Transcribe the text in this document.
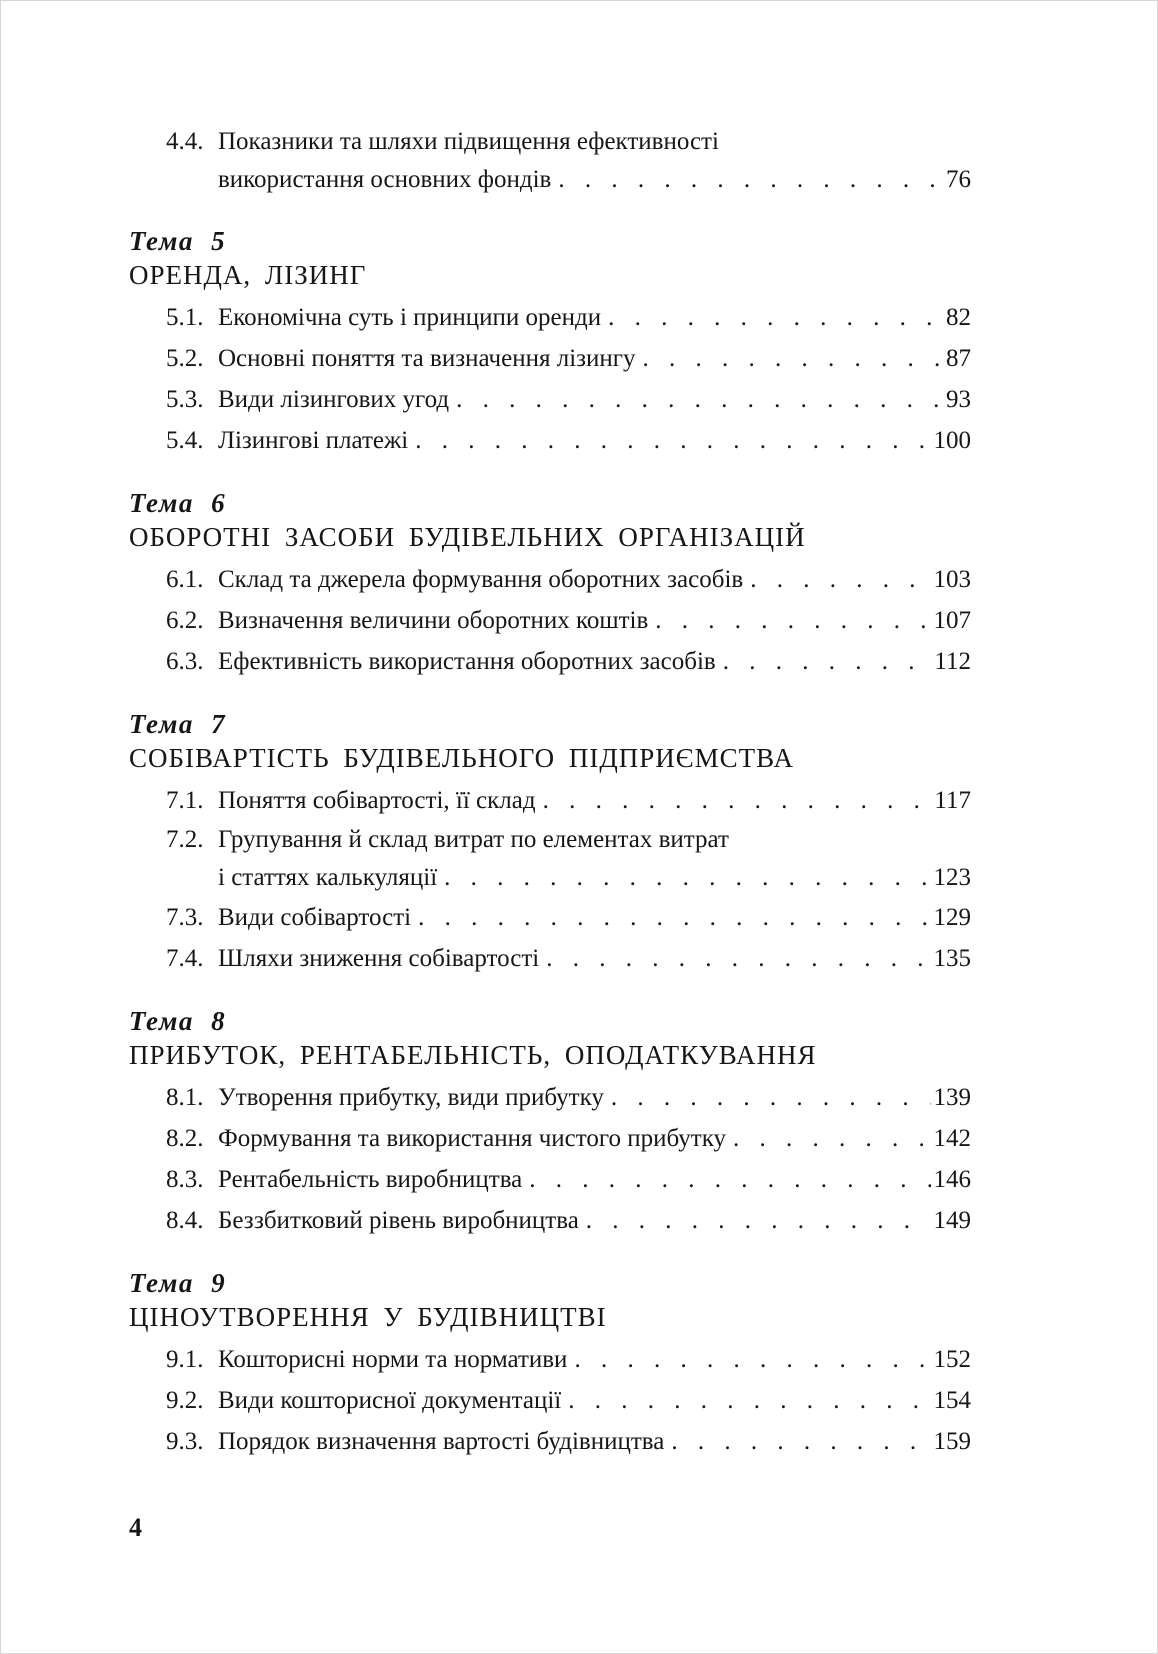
4.4. Показники та шляхи підвищення ефективності
використання основних фондів . . .	76
Тема 5
ОРЕНДА, ЛІЗИНГ
5.1. Економічна суть і принципи оренди . . .	82
5.2. Основні поняття та визначення лізингу . . .	87
5.3. Види лізингових угод . . .	93
5.4. Лізингові платежі . . .	100
Тема 6
ОБОРОТНІ ЗАСОБИ БУДІВЕЛЬНИХ ОРГАНІЗАЦІЙ
6.1. Склад та джерела формування оборотних засобів . . .	103
6.2. Визначення величини оборотних коштів . . .	107
6.3. Ефективність використання оборотних засобів . . .	112
Тема 7
СОБІВАРТІСТЬ БУДІВЕЛЬНОГО ПІДПРИЄМСТВА
7.1. Поняття собівартості, її склад . . .	117
7.2. Групування й склад витрат по елементах витрат
і статтях калькуляції . . .	123
7.3. Види собівартості . . .	129
7.4. Шляхи зниження собівартості . . .	135
Тема 8
ПРИБУТОК, РЕНТАБЕЛЬНІСТЬ, ОПОДАТКУВАННЯ
8.1. Утворення прибутку, види прибутку . . .	139
8.2. Формування та використання чистого прибутку . . .	142
8.3. Рентабельність виробництва . . .	146
8.4. Беззбитковий рівень виробництва . . .	149
Тема 9
ЦІНОУТВОРЕННЯ У БУДІВНИЦТВІ
9.1. Кошторисні норми та нормативи . . .	152
9.2. Види кошторисної документації . . .	154
9.3. Порядок визначення вартості будівництва . . .	159
4
